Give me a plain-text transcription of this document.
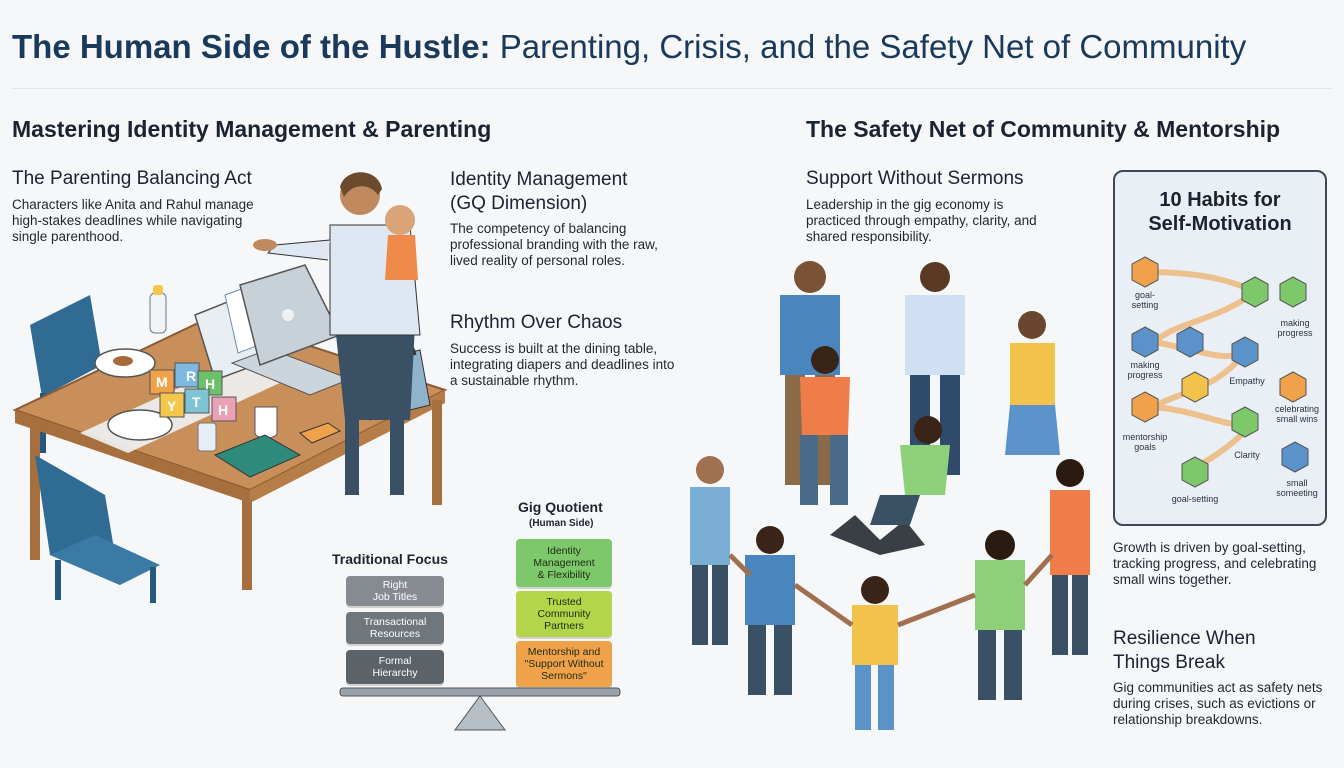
The Human Side of the Hustle: Parenting, Crisis, and the Safety Net of Community
Mastering Identity Management & Parenting
The Parenting Balancing Act
Characters like Anita and Rahul manage high-stakes deadlines while navigating single parenthood.
Identity Management
(GQ Dimension)
The competency of balancing professional branding with the raw, lived reality of personal roles.
Rhythm Over Chaos
Success is built at the dining table, integrating diapers and deadlines into a sustainable rhythm.
R H
Y T H
M
Traditional Focus
Right
Job Titles
Transactional
Resources
Formal
Hierarchy
Gig Quotient
(Human Side)
Identity
Management
& Flexibility
Trusted
Community
Partners
Mentorship and
"Support Without
Sermons"
The Safety Net of Community & Mentorship
Support Without Sermons
Leadership in the gig economy is practiced through empathy, clarity, and shared responsibility.
10 Habits for
Self-Motivation
goal-
setting
making
progress
making
progress
Empathy
celebrating
small wins
mentorship
goals
Clarity
small
someeting
goal-setting
Growth is driven by goal-setting, tracking progress, and celebrating small wins together.
Resilience When
Things Break
Gig communities act as safety nets during crises, such as evictions or relationship breakdowns.
